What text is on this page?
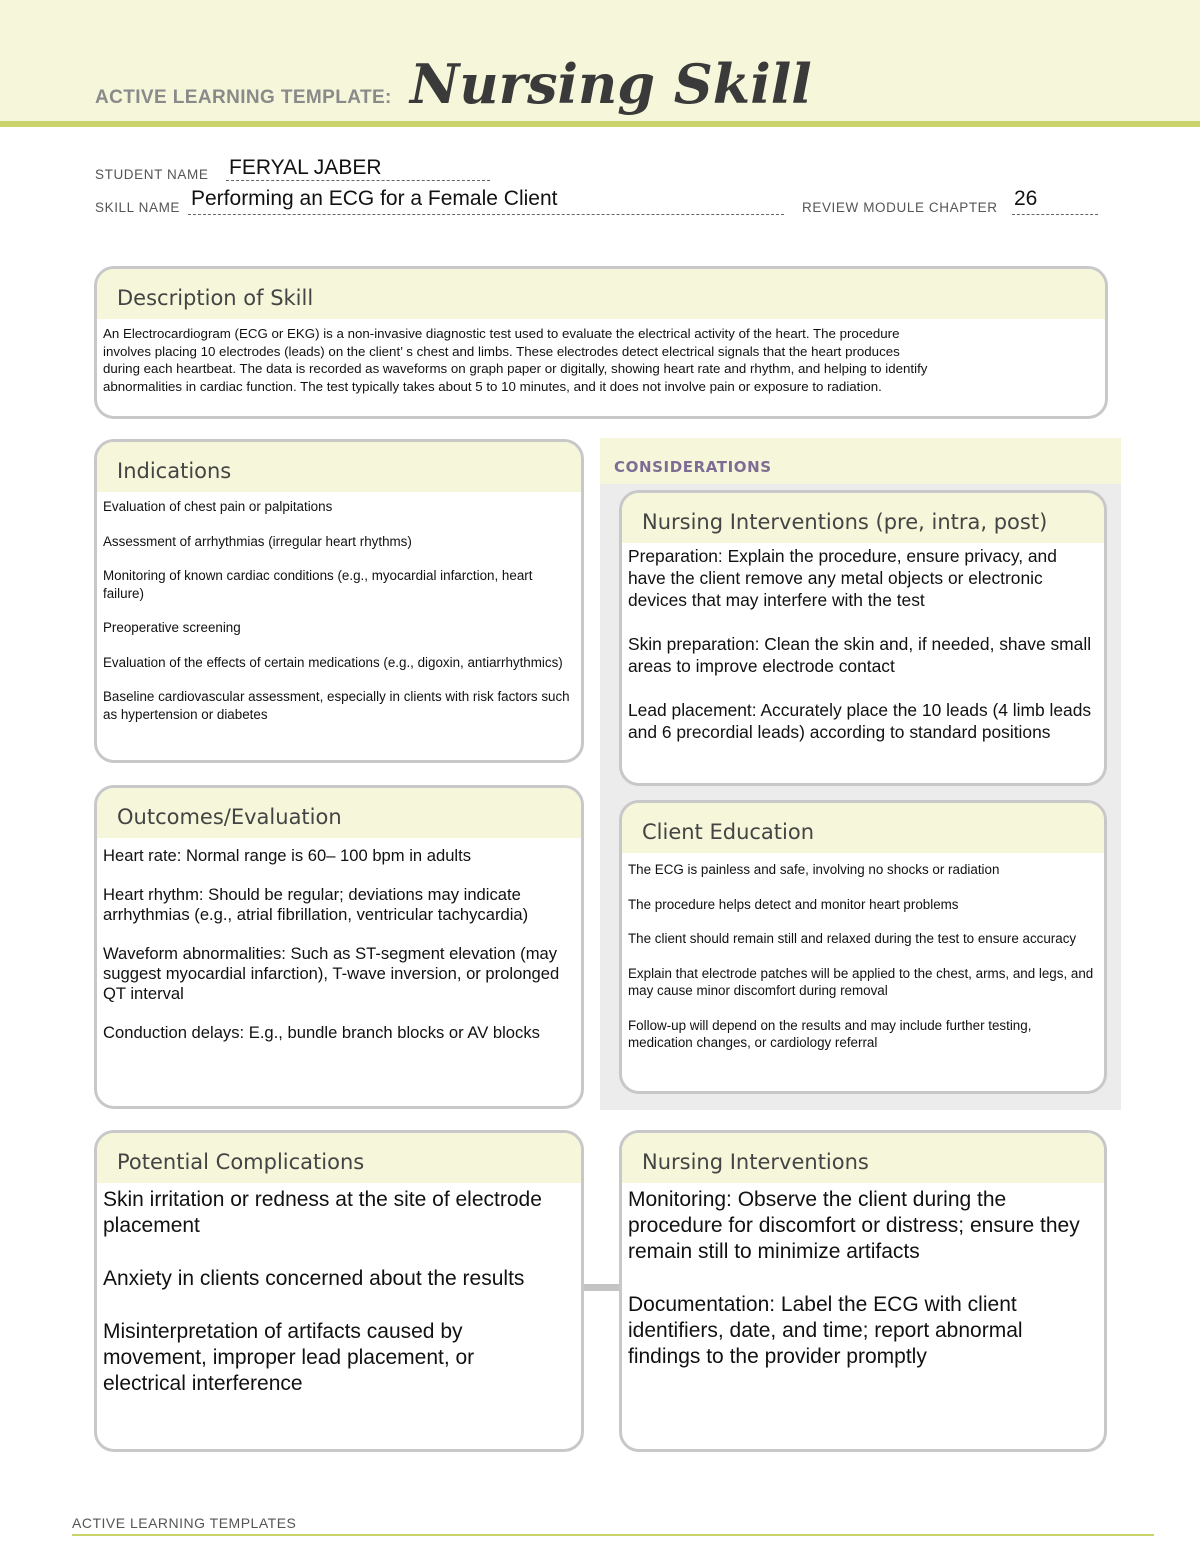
ACTIVE LEARNING TEMPLATE: Nursing Skill
STUDENT NAME FERYAL JABER
SKILL NAME Performing an ECG for a Female Client	REVIEW MODULE CHAPTER 26
Description of Skill
An Electrocardiogram (ECG or EKG) is a non-invasive diagnostic test used to evaluate the electrical activity of the heart. The procedure
involves placing 10 electrodes (leads) on the client’ s chest and limbs. These electrodes detect electrical signals that the heart produces
during each heartbeat. The data is recorded as waveforms on graph paper or digitally, showing heart rate and rhythm, and helping to identify
abnormalities in cardiac function. The test typically takes about 5 to 10 minutes, and it does not involve pain or exposure to radiation.
Indications

Evaluation of chest pain or palpitations

Assessment of arrhythmias (irregular heart rhythms)

Monitoring of known cardiac conditions (e.g., myocardial infarction, heart failure)

Preoperative screening

Evaluation of the effects of certain medications (e.g., digoxin, antiarrhythmics)

Baseline cardiovascular assessment, especially in clients with risk factors such as hypertension or diabetes

Outcomes/Evaluation

Heart rate: Normal range is 60– 100 bpm in adults

Heart rhythm: Should be regular; deviations may indicate arrhythmias (e.g., atrial fibrillation, ventricular tachycardia)

Waveform abnormalities: Such as ST-segment elevation (may suggest myocardial infarction), T-wave inversion, or prolonged QT interval

Conduction delays: E.g., bundle branch blocks or AV blocks

CONSIDERATIONS
Nursing Interventions (pre, intra, post)

Preparation: Explain the procedure, ensure privacy, and have the client remove any metal objects or electronic devices that may interfere with the test

Skin preparation: Clean the skin and, if needed, shave small areas to improve electrode contact

Lead placement: Accurately place the 10 leads (4 limb leads and 6 precordial leads) according to standard positions

Client Education

The ECG is painless and safe, involving no shocks or radiation

The procedure helps detect and monitor heart problems

The client should remain still and relaxed during the test to ensure accuracy

Explain that electrode patches will be applied to the chest, arms, and legs, and may cause minor discomfort during removal

Follow-up will depend on the results and may include further testing, medication changes, or cardiology referral

Potential Complications

Skin irritation or redness at the site of electrode placement

Anxiety in clients concerned about the results

Misinterpretation of artifacts caused by movement, improper lead placement, or electrical interference

Nursing Interventions

Monitoring: Observe the client during the procedure for discomfort or distress; ensure they remain still to minimize artifacts

Documentation: Label the ECG with client identifiers, date, and time; report abnormal findings to the provider promptly

ACTIVE LEARNING TEMPLATES
